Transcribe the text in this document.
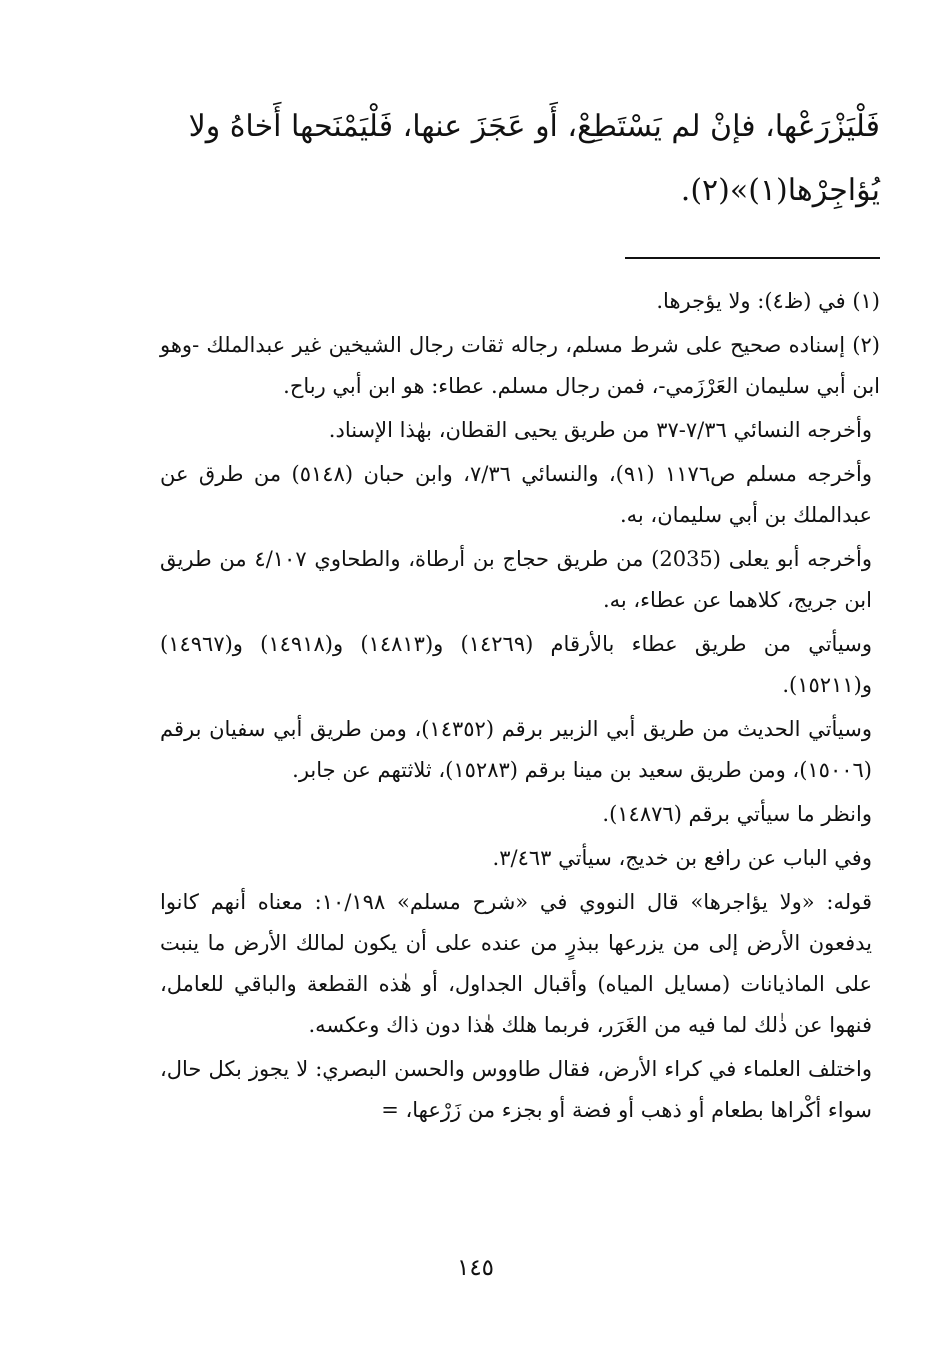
فَلْيَزْرَعْها، فإنْ لم يَسْتَطِعْ، أَو عَجَزَ عنها، فَلْيَمْنَحها أَخاهُ ولا
يُؤاجِرْها(١)»(٢).

(١) في (ظ٤): ولا يؤجرها.

(٢) إسناده صحيح على شرط مسلم، رجاله ثقات رجال الشيخين غير عبدالملك -وهو ابن أبي سليمان العَرْزَمي-، فمن رجال مسلم. عطاء: هو ابن أبي رباح.

وأخرجه النسائي ٧/٣٦-٣٧ من طريق يحيى القطان، بهٰذا الإسناد.

وأخرجه مسلم ص١١٧٦ (٩١)، والنسائي ٧/٣٦، وابن حبان (٥١٤٨) من طرق عن عبدالملك بن أبي سليمان، به.

وأخرجه أبو يعلى (2035) من طريق حجاج بن أرطاة، والطحاوي ٤/١٠٧ من طريق ابن جريج، كلاهما عن عطاء، به.

وسيأتي من طريق عطاء بالأرقام (١٤٢٦٩) و(١٤٨١٣) و(١٤٩١٨) و(١٤٩٦٧) و(١٥٢١١).

وسيأتي الحديث من طريق أبي الزبير برقم (١٤٣٥٢)، ومن طريق أبي سفيان برقم (١٥٠٠٦)، ومن طريق سعيد بن مينا برقم (١٥٢٨٣)، ثلاثتهم عن جابر.

وانظر ما سيأتي برقم (١٤٨٧٦).

وفي الباب عن رافع بن خديج، سيأتي ٣/٤٦٣.

قوله: «ولا يؤاجرها» قال النووي في «شرح مسلم» ١٠/١٩٨: معناه أنهم كانوا يدفعون الأرض إلى من يزرعها ببذرٍ من عنده على أن يكون لمالك الأرض ما ينبت على الماذيانات (مسايل المياه) وأقبال الجداول، أو هٰذه القطعة والباقي للعامل، فنهوا عن ذٰلك لما فيه من الغَرَر، فربما هلك هٰذا دون ذاك وعكسه.

واختلف العلماء في كراء الأرض، فقال طاووس والحسن البصري: لا يجوز بكل حال، سواء أكْراها بطعام أو ذهب أو فضة أو بجزء من زَرْعها، =

١٤٥
